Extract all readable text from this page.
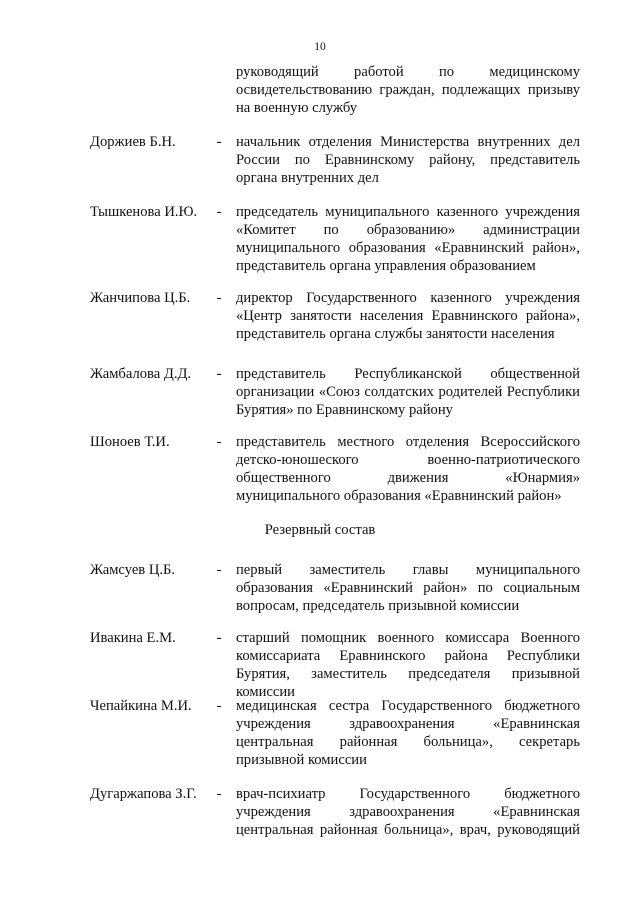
10
руководящий работой по медицинскому
освидетельствованию граждан, подлежащих призыву
на военную службу
Доржиев Б.Н.	- начальник отделения Министерства внутренних дел
России по Еравнинскому району, представитель
органа внутренних дел
Тышкенова И.Ю.	- председатель муниципального казенного учреждения
«Комитет по образованию» администрации
муниципального образования «Еравнинский район»,
представитель органа управления образованием
Жанчипова Ц.Б.	- директор Государственного казенного учреждения
«Центр занятости населения Еравнинского района»,
представитель органа службы занятости населения
Жамбалова Д.Д.	- представитель Республиканской общественной
организации «Союз солдатских родителей Республики
Бурятия» по Еравнинскому району
Шоноев Т.И.	- представитель местного отделения Всероссийского
детско-юношеского военно-патриотического
общественного движения «Юнармия»
муниципального образования «Еравнинский район»
Резервный состав
Жамсуев Ц.Б.	- первый заместитель главы муниципального
образования «Еравнинский район» по социальным
вопросам, председатель призывной комиссии
Ивакина Е.М.	- старший помощник военного комиссара Военного
комиссариата Еравнинского района Республики
Бурятия, заместитель председателя призывной комиссии
Чепайкина М.И.	- медицинская сестра Государственного бюджетного
учреждения здравоохранения «Еравнинская
центральная районная больница», секретарь
призывной комиссии
Дугаржапова З.Г.	- врач-психиатр Государственного бюджетного
учреждения здравоохранения «Еравнинская
центральная районная больница», врач, руководящий
